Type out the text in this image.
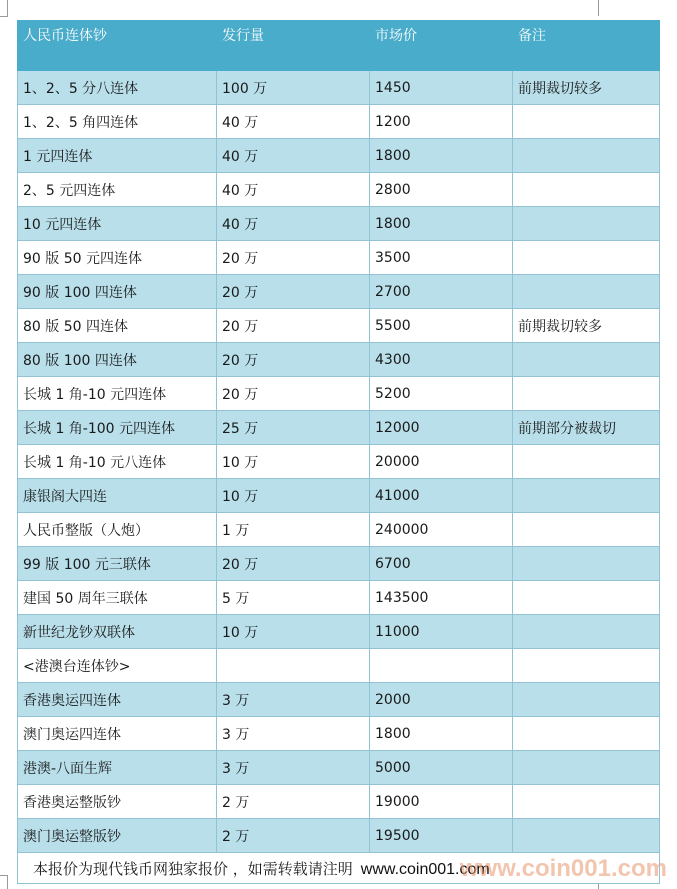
人民币连体钞	发行量	市场价	备注
1、2、5 分八连体	100 万	1450	前期裁切较多
1、2、5 角四连体	40 万	1200	
1 元四连体	40 万	1800	
2、5 元四连体	40 万	2800	
10 元四连体	40 万	1800	
90 版 50 元四连体	20 万	3500	
90 版 100 四连体	20 万	2700	
80 版 50 四连体	20 万	5500	前期裁切较多
80 版 100 四连体	20 万	4300	
长城 1 角-10 元四连体	20 万	5200	
长城 1 角-100 元四连体	25 万	12000	前期部分被裁切
长城 1 角-10 元八连体	10 万	20000	
康银阁大四连	10 万	41000	
人民币整版（人炮）	1 万	240000	
99 版 100 元三联体	20 万	6700	
建国 50 周年三联体	5 万	143500	
新世纪龙钞双联体	10 万	11000	
<港澳台连体钞>			
香港奥运四连体	3 万	2000	
澳门奥运四连体	3 万	1800	
港澳-八面生辉	3 万	5000	
香港奥运整版钞	2 万	19000	
澳门奥运整版钞	2 万	19500	
本报价为现代钱币网独家报价 ，如需转载请注明 www.coin001.com			
www.coin001.com
